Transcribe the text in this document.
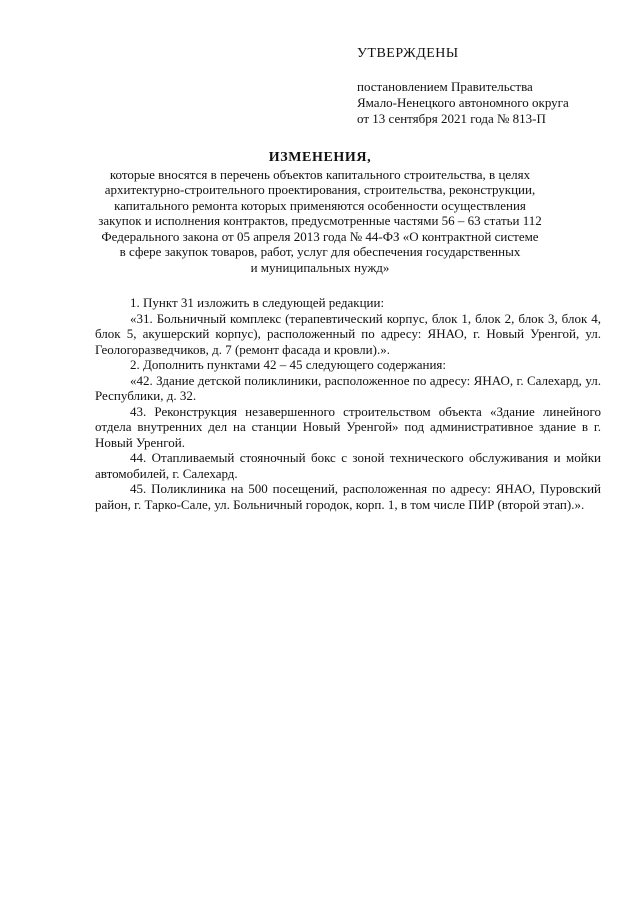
УТВЕРЖДЕНЫ
постановлением Правительства
Ямало-Ненецкого автономного округа
от 13 сентября 2021 года № 813-П
ИЗМЕНЕНИЯ,
которые вносятся в перечень объектов капитального строительства, в целях
архитектурно-строительного проектирования, строительства, реконструкции,
капитального ремонта которых применяются особенности осуществления
закупок и исполнения контрактов, предусмотренные частями 56 – 63 статьи 112
Федерального закона от 05 апреля 2013 года № 44-ФЗ «О контрактной системе
в сфере закупок товаров, работ, услуг для обеспечения государственных
и муниципальных нужд»

1. Пункт 31 изложить в следующей редакции:

«31. Больничный комплекс (терапевтический корпус, блок 1, блок 2, блок 3, блок 4, блок 5, акушерский корпус), расположенный по адресу: ЯНАО, г. Новый Уренгой, ул. Геологоразведчиков, д. 7 (ремонт фасада и кровли).».

2. Дополнить пунктами 42 – 45 следующего содержания:

«42. Здание детской поликлиники, расположенное по адресу: ЯНАО, г. Салехард, ул. Республики, д. 32.

43. Реконструкция незавершенного строительством объекта «Здание линейного отдела внутренних дел на станции Новый Уренгой» под административное здание в г. Новый Уренгой.

44. Отапливаемый стояночный бокс с зоной технического обслуживания и мойки автомобилей, г. Салехард.

45. Поликлиника на 500 посещений, расположенная по адресу: ЯНАО, Пуровский район, г. Тарко-Сале, ул. Больничный городок, корп. 1, в том числе ПИР (второй этап).».
